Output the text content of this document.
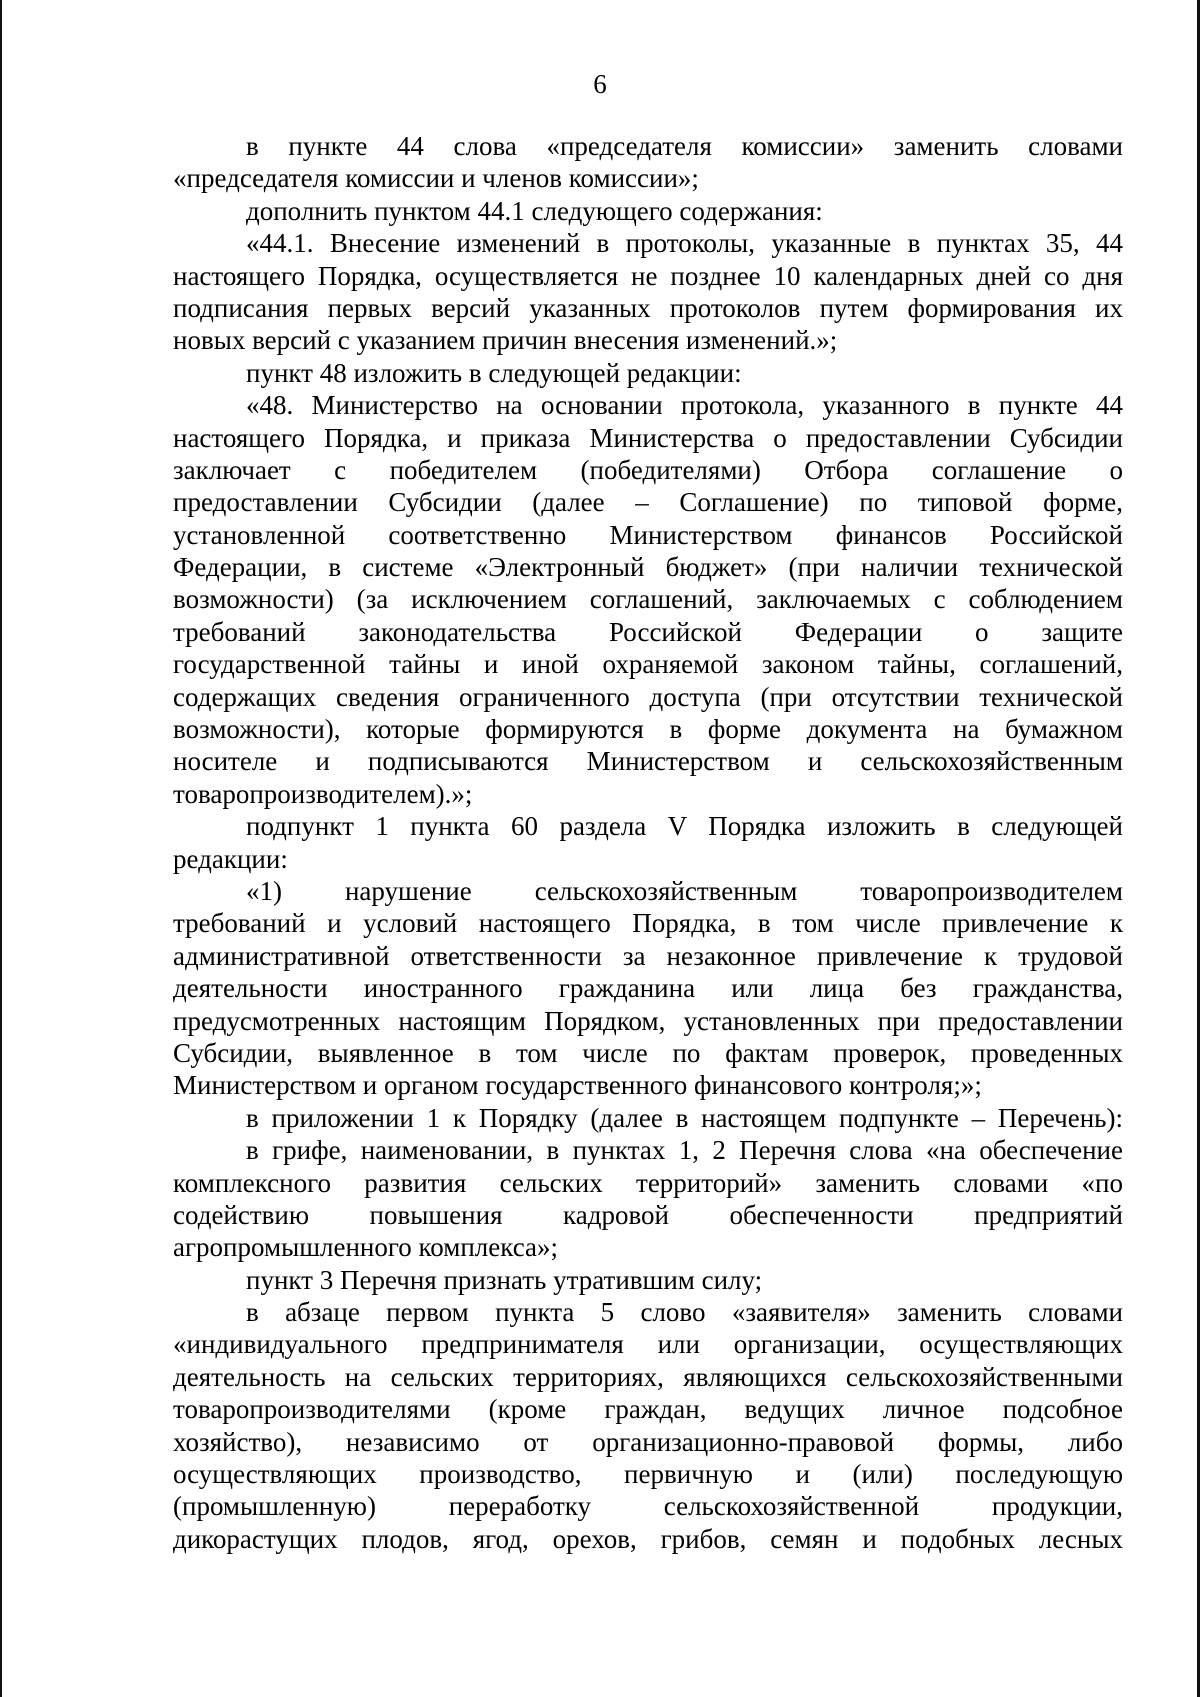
6
в пункте 44 слова «председателя комиссии» заменить словами
«председателя комиссии и членов комиссии»;
дополнить пунктом 44.1 следующего содержания:
«44.1. Внесение изменений в протоколы, указанные в пунктах 35, 44
настоящего Порядка, осуществляется не позднее 10 календарных дней со дня
подписания первых версий указанных протоколов путем формирования их
новых версий с указанием причин внесения изменений.»;
пункт 48 изложить в следующей редакции:
«48. Министерство на основании протокола, указанного в пункте 44
настоящего Порядка, и приказа Министерства о предоставлении Субсидии
заключает с победителем (победителями) Отбора соглашение о
предоставлении Субсидии (далее – Соглашение) по типовой форме,
установленной соответственно Министерством финансов Российской
Федерации, в системе «Электронный бюджет» (при наличии технической
возможности) (за исключением соглашений, заключаемых с соблюдением
требований законодательства Российской Федерации о защите
государственной тайны и иной охраняемой законом тайны, соглашений,
содержащих сведения ограниченного доступа (при отсутствии технической
возможности), которые формируются в форме документа на бумажном
носителе и подписываются Министерством и сельскохозяйственным
товаропроизводителем).»;
подпункт 1 пункта 60 раздела V Порядка изложить в следующей
редакции:
«1) нарушение сельскохозяйственным товаропроизводителем
требований и условий настоящего Порядка, в том числе привлечение к
административной ответственности за незаконное привлечение к трудовой
деятельности иностранного гражданина или лица без гражданства,
предусмотренных настоящим Порядком, установленных при предоставлении
Субсидии, выявленное в том числе по фактам проверок, проведенных
Министерством и органом государственного финансового контроля;»;
в приложении 1 к Порядку (далее в настоящем подпункте – Перечень):
в грифе, наименовании, в пунктах 1, 2 Перечня слова «на обеспечение
комплексного развития сельских территорий» заменить словами «по
содействию повышения кадровой обеспеченности предприятий
агропромышленного комплекса»;
пункт 3 Перечня признать утратившим силу;
в абзаце первом пункта 5 слово «заявителя» заменить словами
«индивидуального предпринимателя или организации, осуществляющих
деятельность на сельских территориях, являющихся сельскохозяйственными
товаропроизводителями (кроме граждан, ведущих личное подсобное
хозяйство), независимо от организационно-правовой формы, либо
осуществляющих производство, первичную и (или) последующую
(промышленную) переработку сельскохозяйственной продукции,
дикорастущих плодов, ягод, орехов, грибов, семян и подобных лесных
